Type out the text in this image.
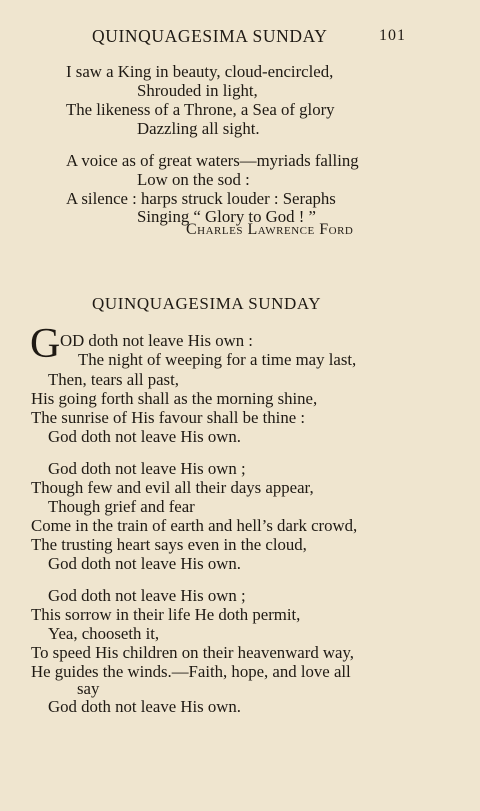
QUINQUAGESIMA SUNDAY	101
I saw a King in beauty, cloud-encircled,
Shrouded in light,
The likeness of a Throne, a Sea of glory
Dazzling all sight.
A voice as of great waters—myriads falling
Low on the sod :
A silence : harps struck louder : Seraphs
Singing “ Glory to God ! ”
Charles Lawrence Ford
QUINQUAGESIMA SUNDAY
G OD doth not leave His own :
The night of weeping for a time may last,
Then, tears all past,
His going forth shall as the morning shine,
The sunrise of His favour shall be thine :
God doth not leave His own.
God doth not leave His own ;
Though few and evil all their days appear,
Though grief and fear
Come in the train of earth and hell’s dark crowd,
The trusting heart says even in the cloud,
God doth not leave His own.
God doth not leave His own ;
This sorrow in their life He doth permit,
Yea, chooseth it,
To speed His children on their heavenward way,
He guides the winds.—Faith, hope, and love all
say
God doth not leave His own.
